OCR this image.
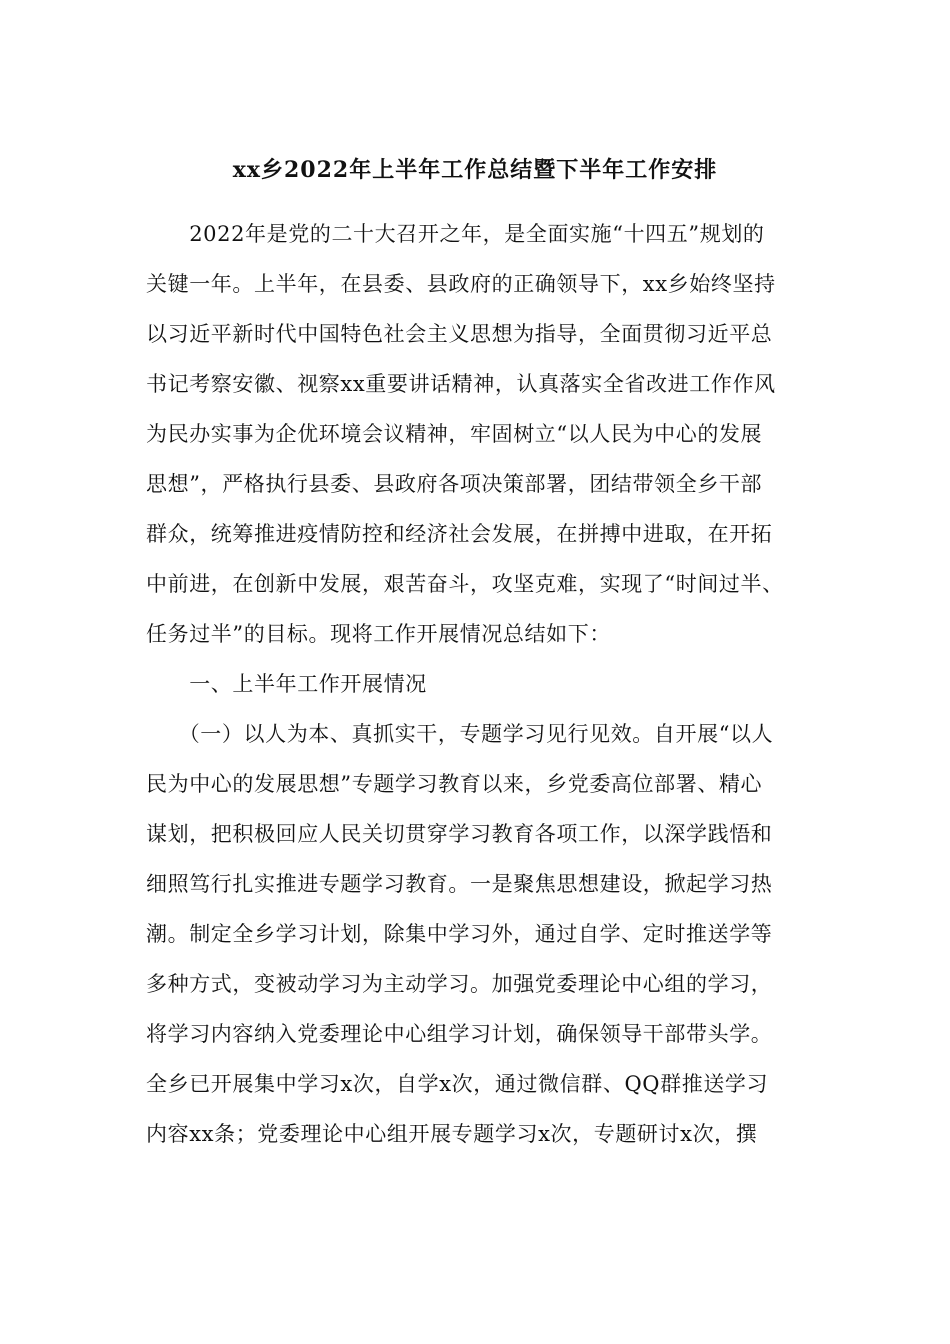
xx乡2022年上半年工作总结暨下半年工作安排

　　2022年是党的二十大召开之年，是全面实施“十四五”规划的

关键一年。上半年，在县委、县政府的正确领导下，xx乡始终坚持

以习近平新时代中国特色社会主义思想为指导，全面贯彻习近平总

书记考察安徽、视察xx重要讲话精神，认真落实全省改进工作作风

为民办实事为企优环境会议精神，牢固树立“以人民为中心的发展

思想”，严格执行县委、县政府各项决策部署，团结带领全乡干部

群众，统筹推进疫情防控和经济社会发展，在拼搏中进取，在开拓

中前进，在创新中发展，艰苦奋斗，攻坚克难，实现了“时间过半、

任务过半”的目标。现将工作开展情况总结如下：

　　一、上半年工作开展情况

　　（一）以人为本、真抓实干，专题学习见行见效。自开展“以人

民为中心的发展思想”专题学习教育以来，乡党委高位部署、精心

谋划，把积极回应人民关切贯穿学习教育各项工作，以深学践悟和

细照笃行扎实推进专题学习教育。一是聚焦思想建设，掀起学习热

潮。制定全乡学习计划，除集中学习外，通过自学、定时推送学等

多种方式，变被动学习为主动学习。加强党委理论中心组的学习，

将学习内容纳入党委理论中心组学习计划，确保领导干部带头学。

全乡已开展集中学习x次，自学x次，通过微信群、QQ群推送学习

内容xx条；党委理论中心组开展专题学习x次，专题研讨x次，撰
